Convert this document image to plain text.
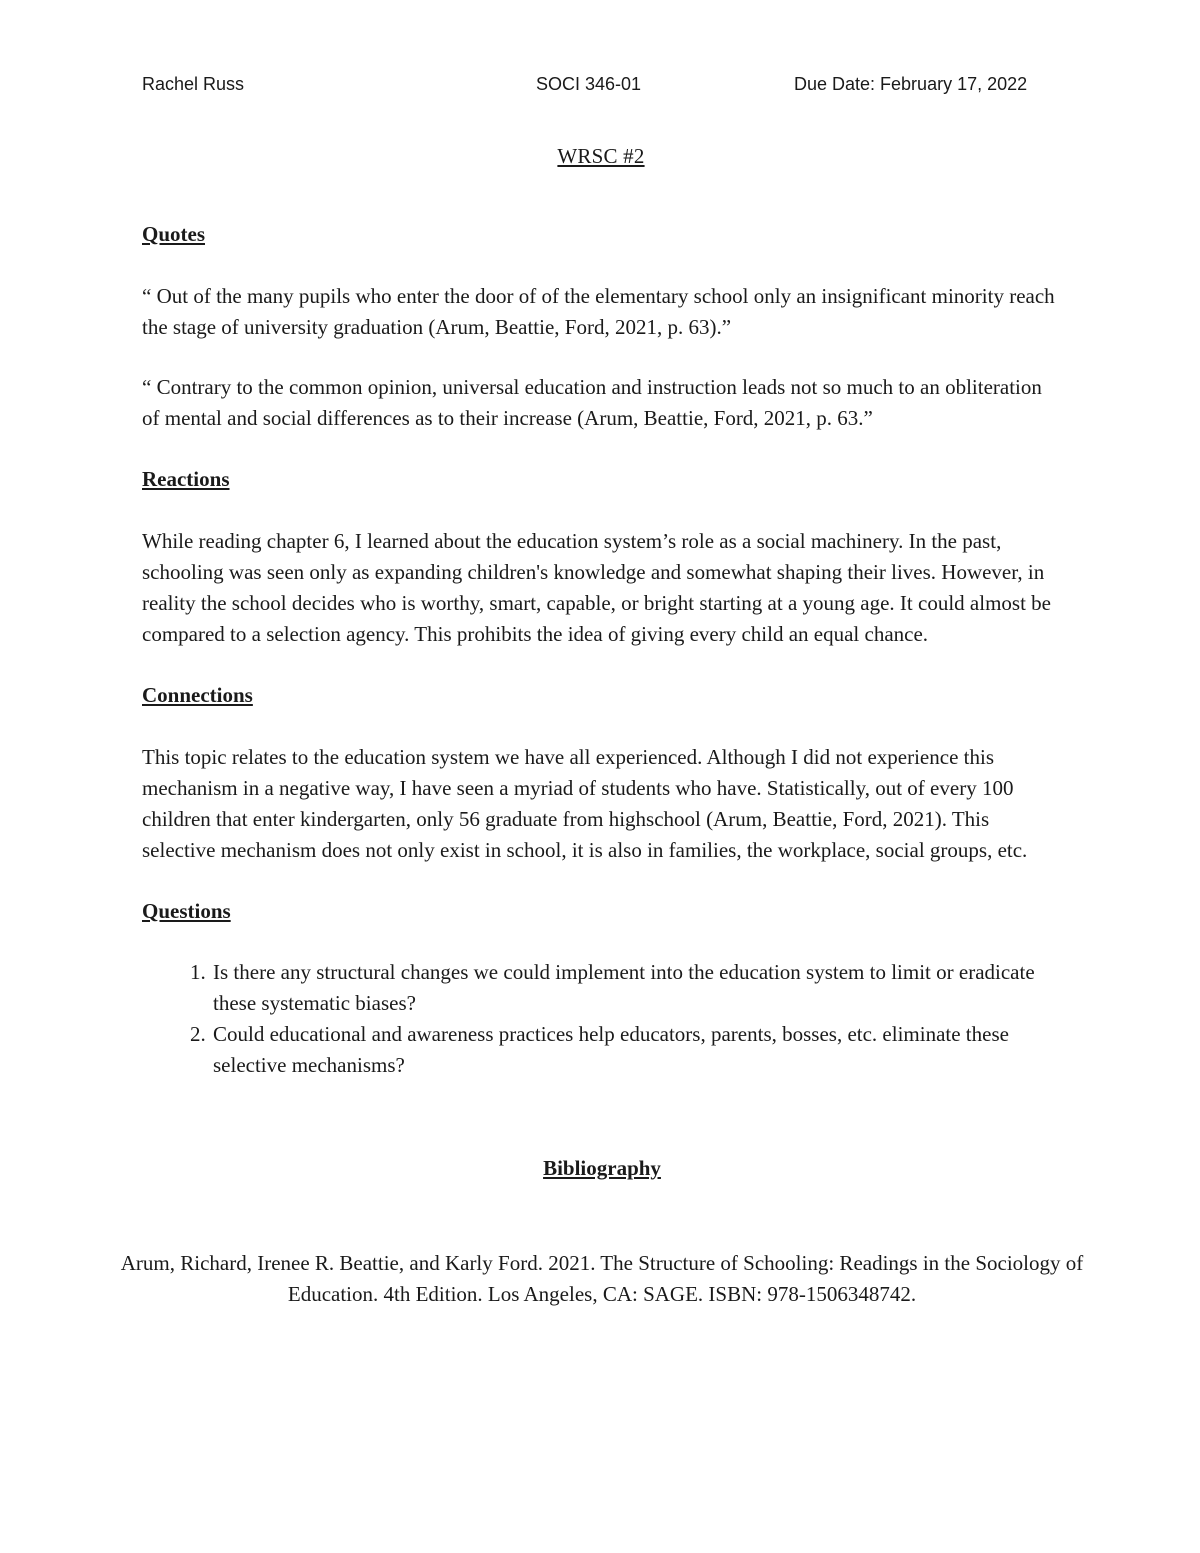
Rachel Russ	SOCI 346-01	Due Date: February 17, 2022

WRSC #2

Quotes

“ Out of the many pupils who enter the door of of the elementary school only an insignificant minority reach the stage of university graduation (Arum, Beattie, Ford, 2021, p. 63).”

“ Contrary to the common opinion, universal education and instruction leads not so much to an obliteration of mental and social differences as to their increase (Arum, Beattie, Ford, 2021, p. 63.”

Reactions

While reading chapter 6, I learned about the education system’s role as a social machinery. In the past, schooling was seen only as expanding children's knowledge and somewhat shaping their lives. However, in reality the school decides who is worthy, smart, capable, or bright starting at a young age. It could almost be compared to a selection agency. This prohibits the idea of giving every child an equal chance.

Connections

This topic relates to the education system we have all experienced. Although I did not experience this mechanism in a negative way, I have seen a myriad of students who have. Statistically, out of every 100 children that enter kindergarten, only 56 graduate from highschool (Arum, Beattie, Ford, 2021). This selective mechanism does not only exist in school, it is also in families, the workplace, social groups, etc.

Questions

1. Is there any structural changes we could implement into the education system to limit or eradicate these systematic biases?
2. Could educational and awareness practices help educators, parents, bosses, etc. eliminate these selective mechanisms?

Bibliography

Arum, Richard, Irenee R. Beattie, and Karly Ford. 2021. The Structure of Schooling: Readings in the Sociology of Education. 4th Edition. Los Angeles, CA: SAGE. ISBN: 978-1506348742.
